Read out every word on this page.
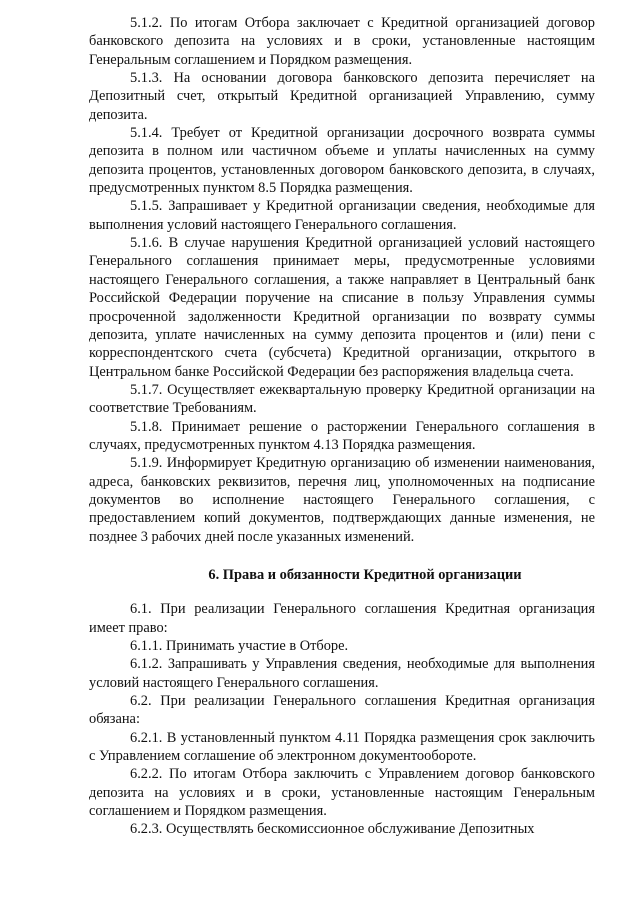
5.1.2. По итогам Отбора заключает с Кредитной организацией договор банковского депозита на условиях и в сроки, установленные настоящим Генеральным соглашением и Порядком размещения.

5.1.3. На основании договора банковского депозита перечисляет на Депозитный счет, открытый Кредитной организацией Управлению, сумму депозита.

5.1.4. Требует от Кредитной организации досрочного возврата суммы депозита в полном или частичном объеме и уплаты начисленных на сумму депозита процентов, установленных договором банковского депозита, в случаях, предусмотренных пунктом 8.5 Порядка размещения.

5.1.5. Запрашивает у Кредитной организации сведения, необходимые для выполнения условий настоящего Генерального соглашения.

5.1.6. В случае нарушения Кредитной организацией условий настоящего Генерального соглашения принимает меры, предусмотренные условиями настоящего Генерального соглашения, а также направляет в Центральный банк Российской Федерации поручение на списание в пользу Управления суммы просроченной задолженности Кредитной организации по возврату суммы депозита, уплате начисленных на сумму депозита процентов и (или) пени с корреспондентского счета (субсчета) Кредитной организации, открытого в Центральном банке Российской Федерации без распоряжения владельца счета.

5.1.7. Осуществляет ежеквартальную проверку Кредитной организации на соответствие Требованиям.

5.1.8. Принимает решение о расторжении Генерального соглашения в случаях, предусмотренных пунктом 4.13 Порядка размещения.

5.1.9. Информирует Кредитную организацию об изменении наименования, адреса, банковских реквизитов, перечня лиц, уполномоченных на подписание документов во исполнение настоящего Генерального соглашения, с предоставлением копий документов, подтверждающих данные изменения, не позднее 3 рабочих дней после указанных изменений.

6. Права и обязанности Кредитной организации

6.1. При реализации Генерального соглашения Кредитная организация имеет право:

6.1.1. Принимать участие в Отборе.

6.1.2. Запрашивать у Управления сведения, необходимые для выполнения условий настоящего Генерального соглашения.

6.2. При реализации Генерального соглашения Кредитная организация обязана:

6.2.1. В установленный пунктом 4.11 Порядка размещения срок заключить с Управлением соглашение об электронном документообороте.

6.2.2. По итогам Отбора заключить с Управлением договор банковского депозита на условиях и в сроки, установленные настоящим Генеральным соглашением и Порядком размещения.

6.2.3. Осуществлять бескомиссионное обслуживание Депозитных
